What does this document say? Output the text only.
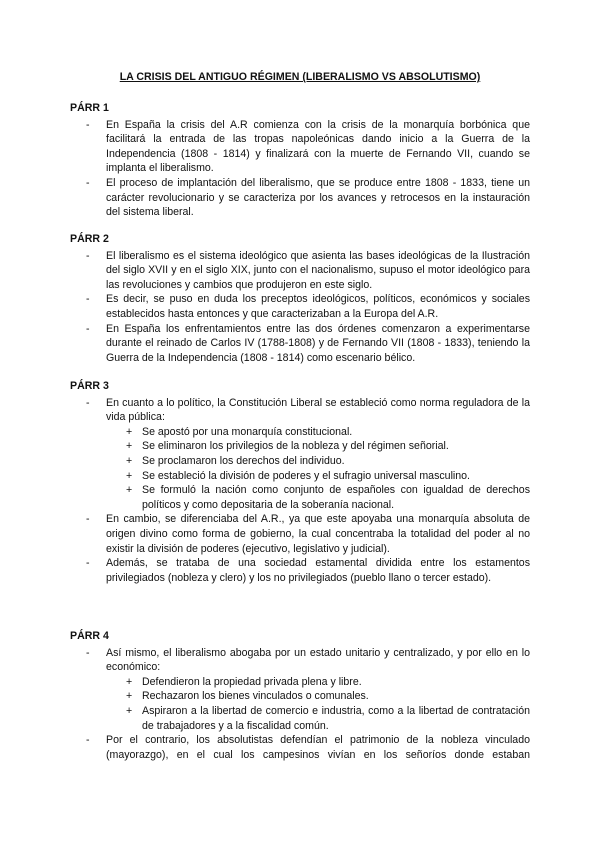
LA CRISIS DEL ANTIGUO RÉGIMEN (LIBERALISMO VS ABSOLUTISMO)
PÁRR 1
- En España la crisis del A.R comienza con la crisis de la monarquía borbónica que facilitará la entrada de las tropas napoleónicas dando inicio a la Guerra de la Independencia (1808 - 1814) y finalizará con la muerte de Fernando VII, cuando se implanta el liberalismo.
- El proceso de implantación del liberalismo, que se produce entre 1808 - 1833, tiene un carácter revolucionario y se caracteriza por los avances y retrocesos en la instauración del sistema liberal.
PÁRR 2
- El liberalismo es el sistema ideológico que asienta las bases ideológicas de la Ilustración del siglo XVII y en el siglo XIX, junto con el nacionalismo, supuso el motor ideológico para las revoluciones y cambios que produjeron en este siglo.
- Es decir, se puso en duda los preceptos ideológicos, políticos, económicos y sociales establecidos hasta entonces y que caracterizaban a la Europa del A.R.
- En España los enfrentamientos entre las dos órdenes comenzaron a experimentarse durante el reinado de Carlos IV (1788-1808) y de Fernando VII (1808 - 1833), teniendo la Guerra de la Independencia (1808 - 1814) como escenario bélico.
PÁRR 3
- En cuanto a lo político, la Constitución Liberal se estableció como norma reguladora de la vida pública:
+ Se apostó por una monarquía constitucional.
+ Se eliminaron los privilegios de la nobleza y del régimen señorial.
+ Se proclamaron los derechos del individuo.
+ Se estableció la división de poderes y el sufragio universal masculino.
+ Se formuló la nación como conjunto de españoles con igualdad de derechos políticos y como depositaria de la soberanía nacional.
- En cambio, se diferenciaba del A.R., ya que este apoyaba una monarquía absoluta de origen divino como forma de gobierno, la cual concentraba la totalidad del poder al no existir la división de poderes (ejecutivo, legislativo y judicial).
- Además, se trataba de una sociedad estamental dividida entre los estamentos privilegiados (nobleza y clero) y los no privilegiados (pueblo llano o tercer estado).
PÁRR 4
- Así mismo, el liberalismo abogaba por un estado unitario y centralizado, y por ello en lo económico:
+ Defendieron la propiedad privada plena y libre.
+ Rechazaron los bienes vinculados o comunales.
+ Aspiraron a la libertad de comercio e industria, como a la libertad de contratación de trabajadores y a la fiscalidad común.
- Por el contrario, los absolutistas defendían el patrimonio de la nobleza vinculado (mayorazgo), en el cual los campesinos vivían en los señoríos donde estaban
